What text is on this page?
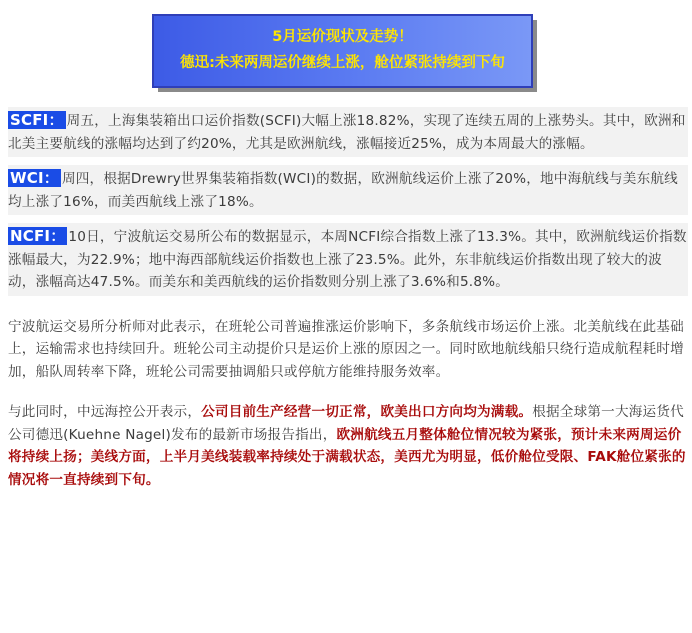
5月运价现状及走势！
德迅:未来两周运价继续上涨，舱位紧张持续到下旬

SCFI： 周五，上海集装箱出口运价指数(SCFI)大幅上涨18.82%，实现了连续五周的上涨势头。其中，欧洲和北美主要航线的涨幅均达到了约20%，尤其是欧洲航线，涨幅接近25%，成为本周最大的涨幅。

WCI： 周四，根据Drewry世界集装箱指数(WCI)的数据，欧洲航线运价上涨了20%，地中海航线与美东航线均上涨了16%，而美西航线上涨了18%。

NCFI： 10日，宁波航运交易所公布的数据显示，本周NCFI综合指数上涨了13.3%。其中，欧洲航线运价指数涨幅最大，为22.9%；地中海西部航线运价指数也上涨了23.5%。此外，东非航线运价指数出现了较大的波动，涨幅高达47.5%。而美东和美西航线的运价指数则分别上涨了3.6%和5.8%。

宁波航运交易所分析师对此表示，在班轮公司普遍推涨运价影响下，多条航线市场运价上涨。北美航线在此基础上，运输需求也持续回升。班轮公司主动提价只是运价上涨的原因之一。同时欧地航线船只绕行造成航程耗时增加，船队周转率下降，班轮公司需要抽调船只或停航方能维持服务效率。

与此同时，中远海控公开表示，公司目前生产经营一切正常，欧美出口方向均为满载。根据全球第一大海运货代公司德迅(Kuehne Nagel)发布的最新市场报告指出，欧洲航线五月整体舱位情况较为紧张，预计未来两周运价将持续上扬；美线方面，上半月美线装载率持续处于满载状态，美西尤为明显，低价舱位受限、FAK舱位紧张的情况将一直持续到下旬。
